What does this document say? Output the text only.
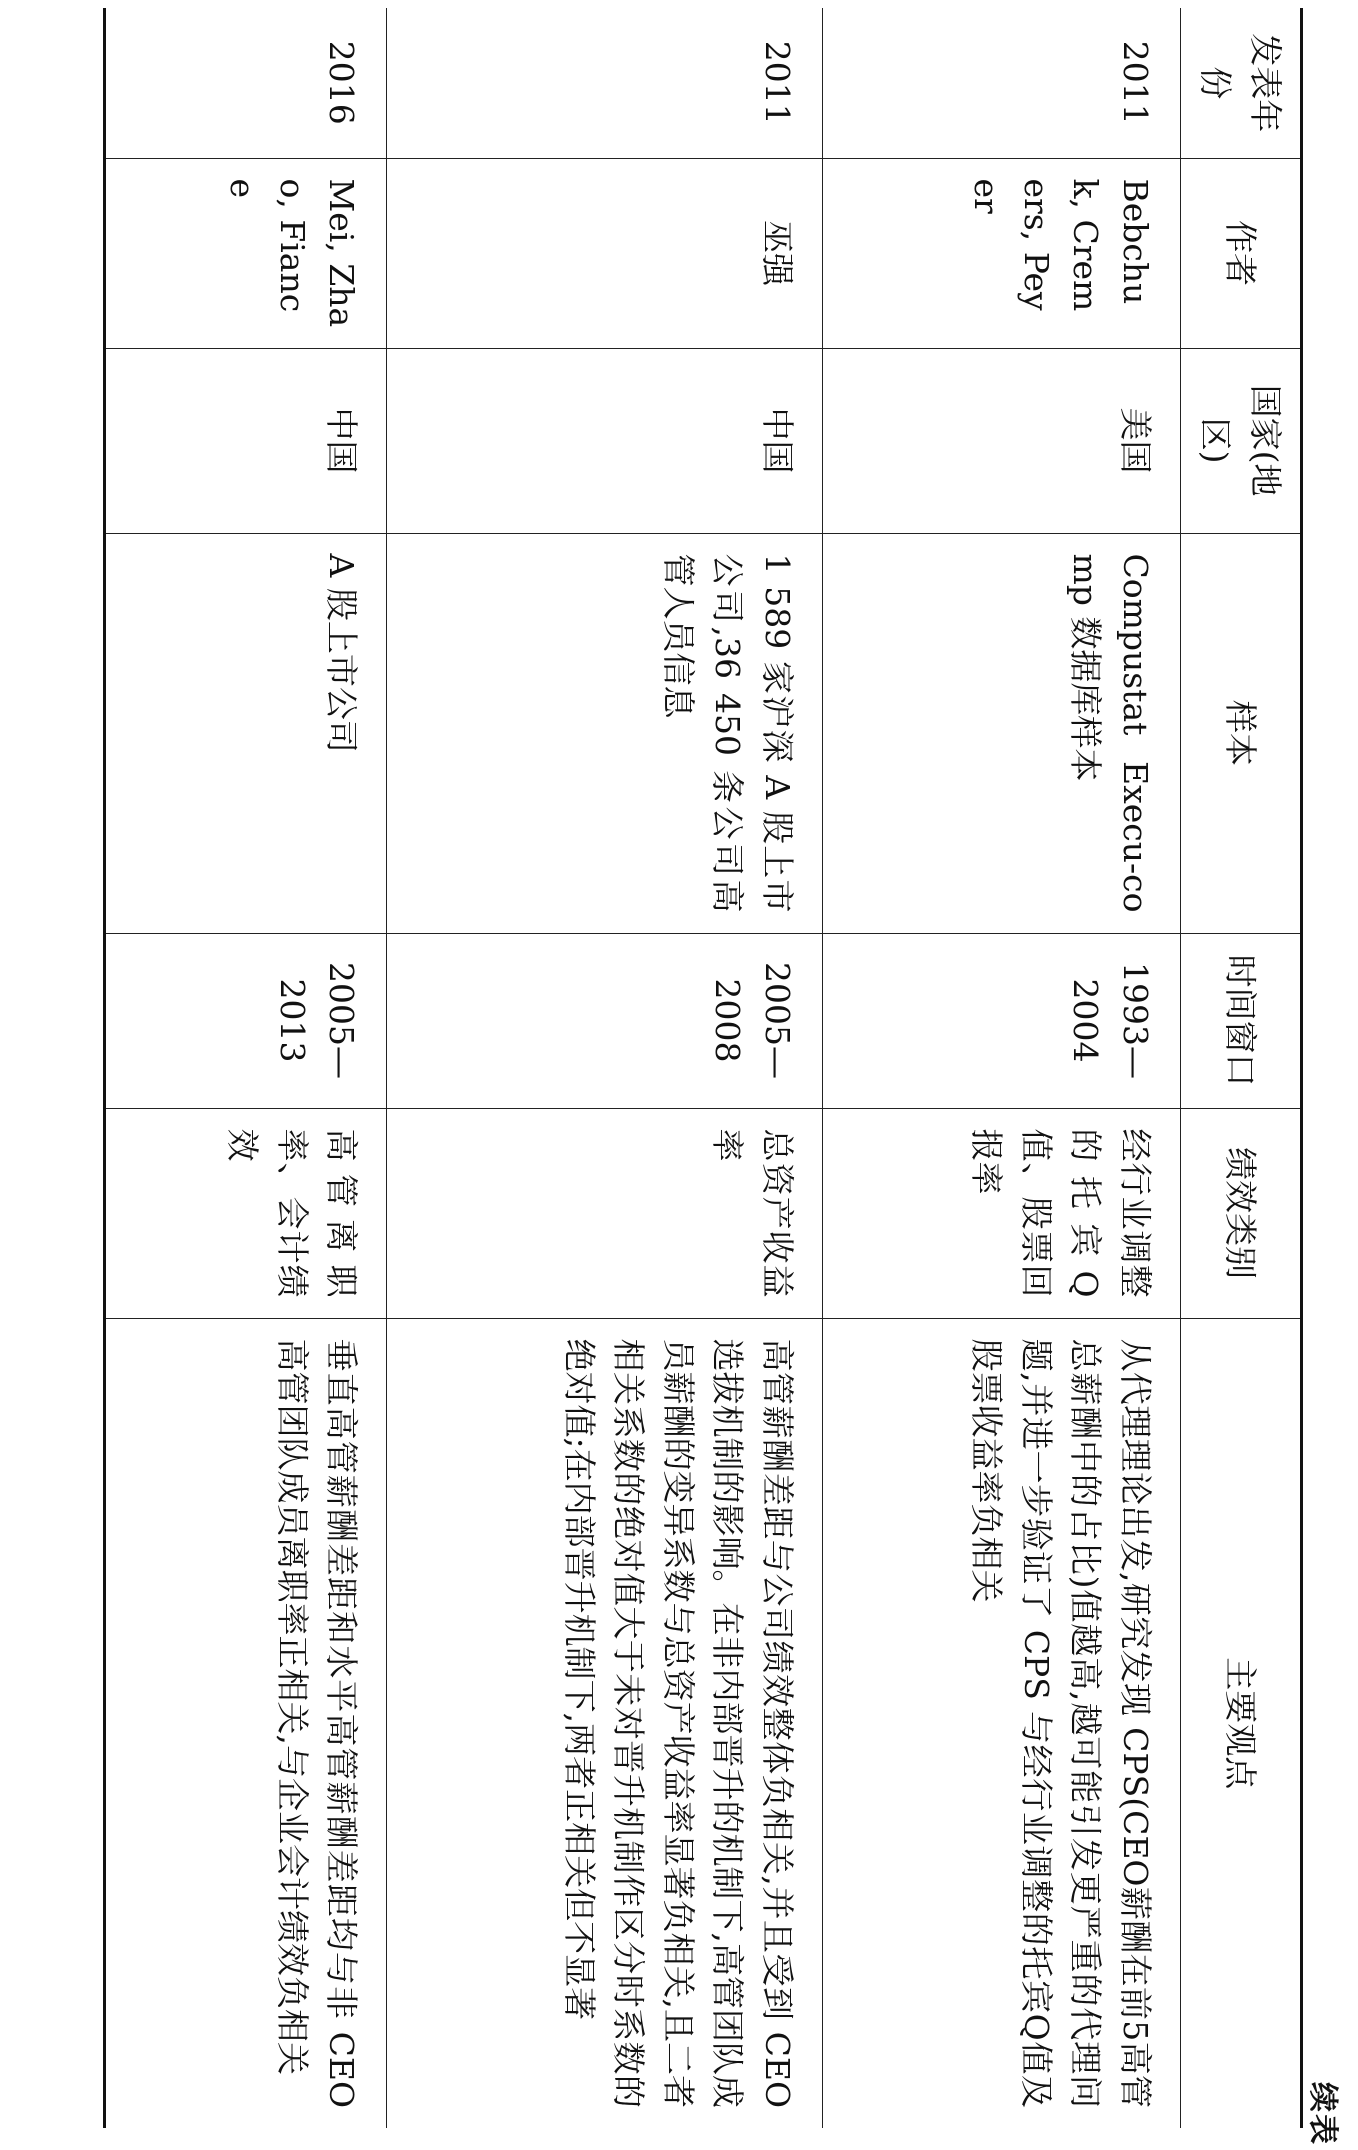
续表
发表年份	作者	国家(地区)	样本	时间窗口	绩效类别	主要观点
2011	Bebchuk, Cremers, Peyer	美国	Compustat Execu-comp 数据库样本	1993—2004	经行业调整的托宾Q值、股票回报率	从代理理论出发,研究发现 CPS(CEO薪酬在前5高管总薪酬中的占比)值越高,越可能引发更严重的代理问题,并进一步验证了 CPS 与经行业调整的托宾Q值及股票收益率负相关
2011	巫强	中国	1 589 家沪深 A 股上市公司,36 450 条公司高管人员信息	2005—2008	总资产收益率	高管薪酬差距与公司绩效整体负相关,并且受到 CEO 选拔机制的影响。在非内部晋升的机制下,高管团队成员薪酬的变异系数与总资产收益率显著负相关,且二者相关系数的绝对值大于未对晋升机制作区分时系数的绝对值;在内部晋升机制下,两者正相关但不显著
2016	Mei, Zhao, Fiance	中国	A 股上市公司	2005—2013	高管离职率、会计绩效	垂直高管薪酬差距和水平高管薪酬差距均与非 CEO 高管团队成员离职率正相关,与企业会计绩效负相关
